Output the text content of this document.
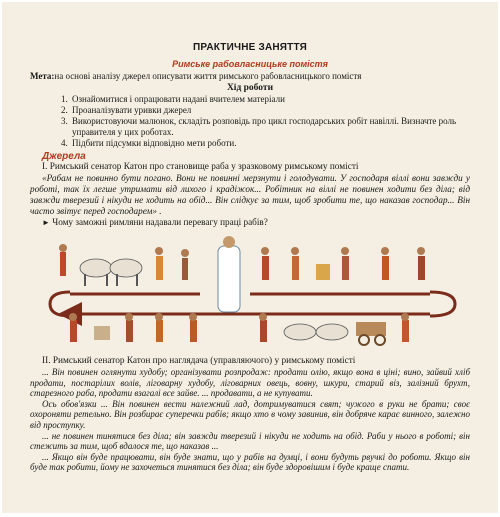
ПРАКТИЧНЕ ЗАНЯТТЯ
Римське рабовласницьке помістя
Мета:на основі аналізу джерел описувати життя римського рабовласницького помістя
Хід роботи
1. Ознайомитися і опрацювати надані вчителем матеріали
2. Проаналізувати уривки джерел
3. Використовуючи малюнок, складіть розповідь про цикл господарських робіт навіллі. Визначте роль управителя у цих роботах.
4. Підбити підсумки відповідно мети роботи.
Джерела
І. Римський сенатор Катон про становище раба у зразковому римському помісті
«Рабам не повинно бути погано. Вони не повинні мерзнути і голодувати. У господаря віллі вони завжди у роботі, так їх легше утримати від лихого і крадіжок... Робітник на віллі не повинен ходити без діла; від завжди тверезий і нікуди не ходить на обід... Він слідкує за тим, щоб зробити те, що наказав господар... Він часто звітує перед господарем» .
► Чому заможні римляни надавали перевагу праці рабів?
ІІ. Римський сенатор Катон про наглядача (управляючого) у римському помісті
... Він повинен оглянути худобу; організувати розпродаж: продати олію, якщо вона в ціні; вино, зайвий хліб продати, постарілих волів, ліговарну худобу, ліговарних овець, вовну, шкури, старий віз, залізний брухт, старезного раба, продати взагалі все зайве. ... продавати, а не купувати.
Ось обов'язки ... Він повинен вести належний лад, дотримуватися свят; чужого в руки не брати; своє охороняти ретельно. Він розбирає суперечки рабів; якщо хто в чому завинив, він добряче карає винного, залежно від проступку.
... не повинен тинятися без діла; він завжди тверезий і нікуди не ходить на обід. Раби у нього в роботі; він стежить за тим, щоб вдалося те, що наказав ...
... Якщо він буде працювати, він буде знати, що у рабів на думці, і вони будуть рвучкі до роботи. Якщо він буде так робити, йому не захочеться тинятися без діла; він буде здоровішим і буде краще спати.
